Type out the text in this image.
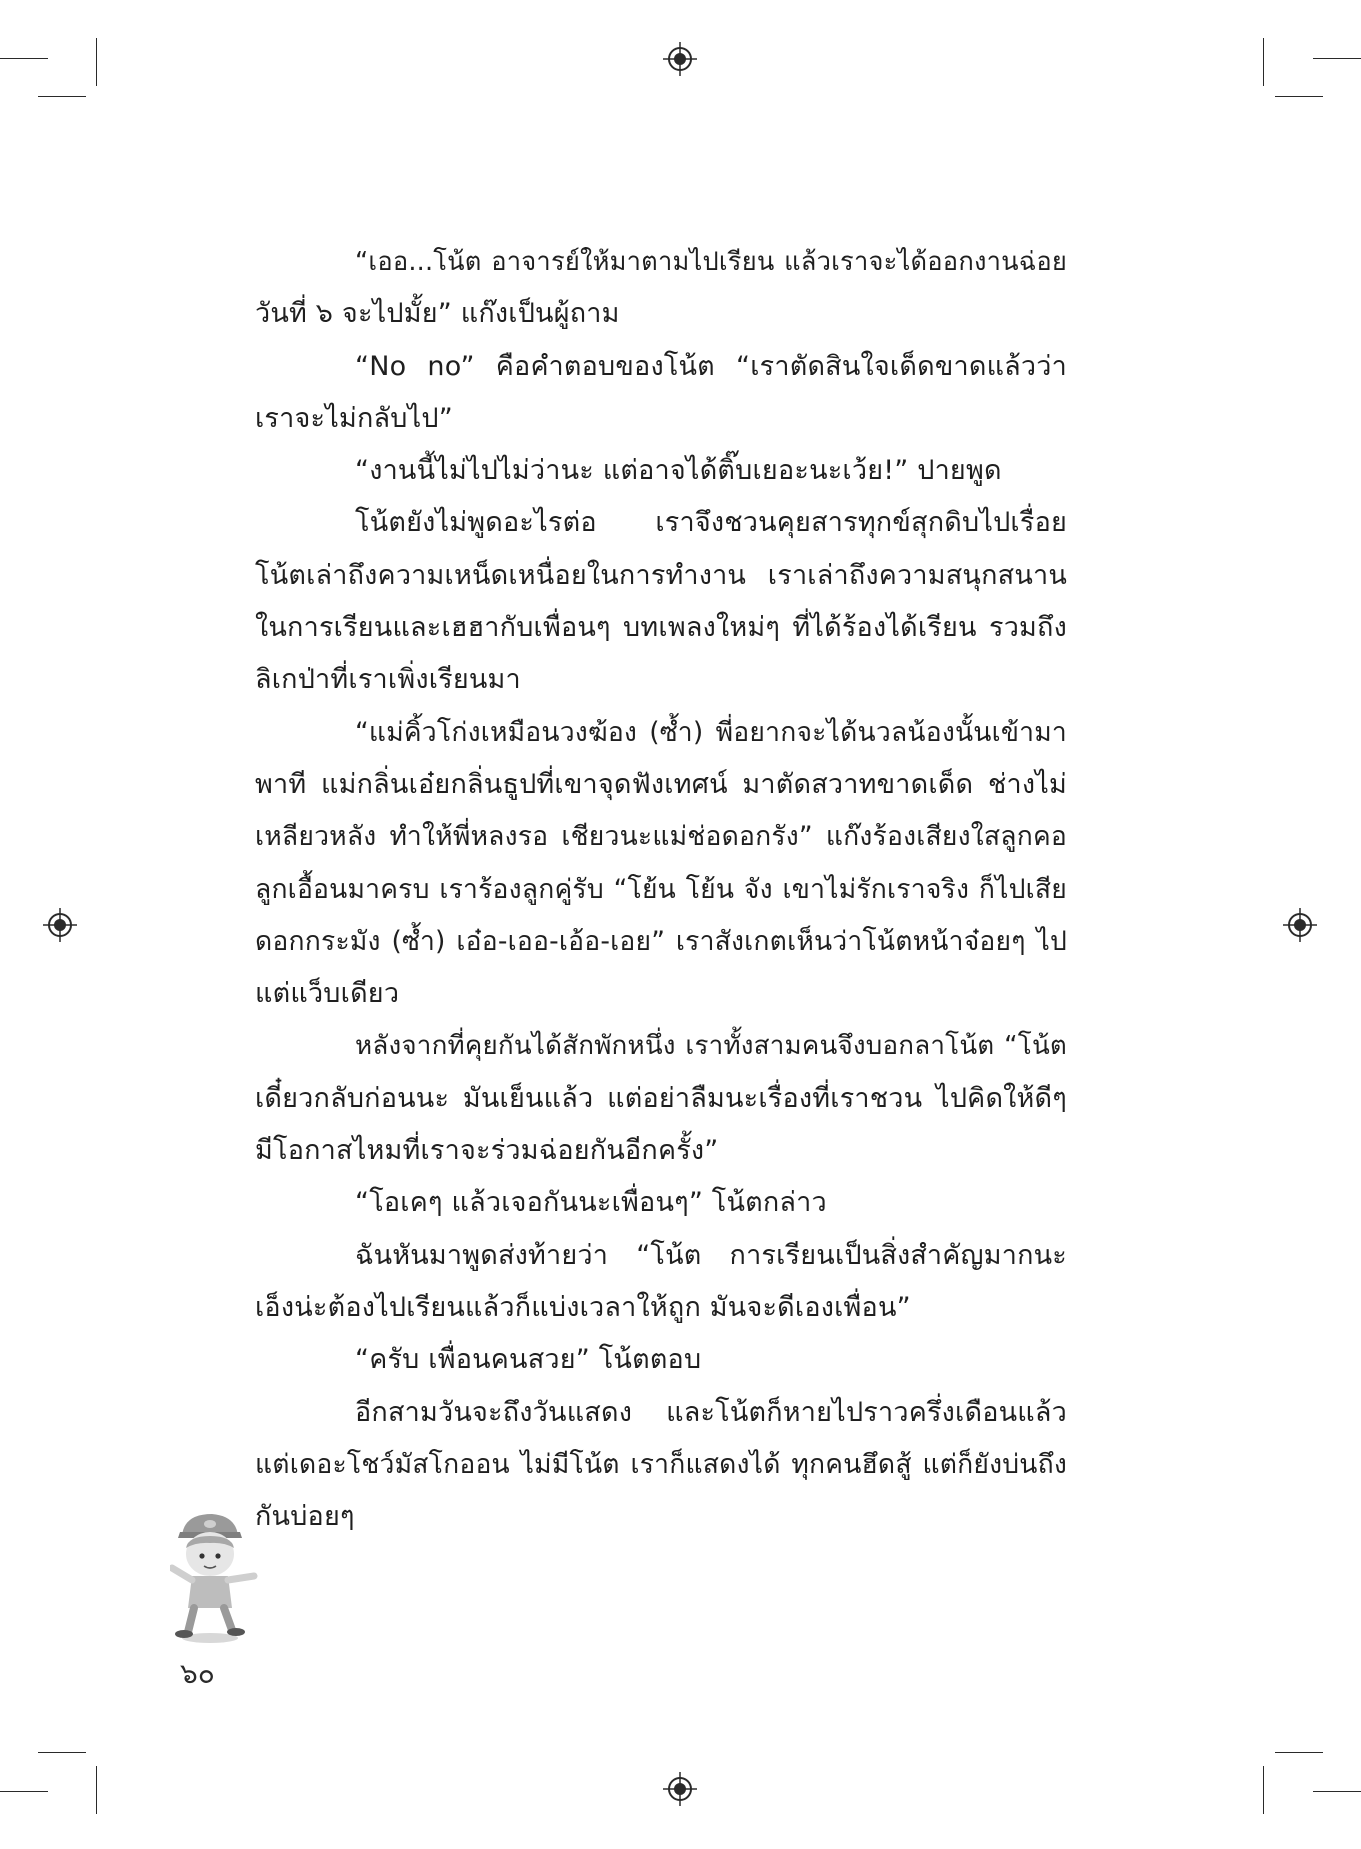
“เออ...โน้ต อาจารย์ให้มาตามไปเรียน แล้วเราจะได้ออกงานฉ่อย
วันที่ ๖ จะไปมั้ย” แก๊งเป็นผู้ถาม
“No no” คือคำตอบของโน้ต “เราตัดสินใจเด็ดขาดแล้วว่า
เราจะไม่กลับไป”
“งานนี้ไม่ไปไม่ว่านะ แต่อาจได้ติ๊บเยอะนะเว้ย!” ปายพูด
โน้ตยังไม่พูดอะไรต่อ เราจึงชวนคุยสารทุกข์สุกดิบไปเรื่อย
โน้ตเล่าถึงความเหน็ดเหนื่อยในการทำงาน เราเล่าถึงความสนุกสนาน
ในการเรียนและเฮฮากับเพื่อนๆ บทเพลงใหม่ๆ ที่ได้ร้องได้เรียน รวมถึง
ลิเกป่าที่เราเพิ่งเรียนมา
“แม่คิ้วโก่งเหมือนวงฆ้อง (ซ้ำ) พี่อยากจะได้นวลน้องนั้นเข้ามา
พาที แม่กลิ่นเอ๋ยกลิ่นธูปที่เขาจุดฟังเทศน์ มาตัดสวาทขาดเด็ด ช่างไม่
เหลียวหลัง ทำให้พี่หลงรอ เชียวนะแม่ช่อดอกรัง” แก๊งร้องเสียงใสลูกคอ
ลูกเอื้อนมาครบ เราร้องลูกคู่รับ “โย้น โย้น จัง เขาไม่รักเราจริง ก็ไปเสีย
ดอกกระมัง (ซ้ำ) เอ๋อ-เออ-เอ้อ-เอย” เราสังเกตเห็นว่าโน้ตหน้าจ๋อยๆ ไป
แต่แว็บเดียว
หลังจากที่คุยกันได้สักพักหนึ่ง เราทั้งสามคนจึงบอกลาโน้ต “โน้ต
เดี๋ยวกลับก่อนนะ มันเย็นแล้ว แต่อย่าลืมนะเรื่องที่เราชวน ไปคิดให้ดีๆ
มีโอกาสไหมที่เราจะร่วมฉ่อยกันอีกครั้ง”
“โอเคๆ แล้วเจอกันนะเพื่อนๆ” โน้ตกล่าว
ฉันหันมาพูดส่งท้ายว่า “โน้ต การเรียนเป็นสิ่งสำคัญมากนะ
เอ็งน่ะต้องไปเรียนแล้วก็แบ่งเวลาให้ถูก มันจะดีเองเพื่อน”
“ครับ เพื่อนคนสวย” โน้ตตอบ
อีกสามวันจะถึงวันแสดง และโน้ตก็หายไปราวครึ่งเดือนแล้ว
แต่เดอะโชว์มัสโกออน ไม่มีโน้ต เราก็แสดงได้ ทุกคนฮึดสู้ แต่ก็ยังบ่นถึง
กันบ่อยๆ
๖๐
